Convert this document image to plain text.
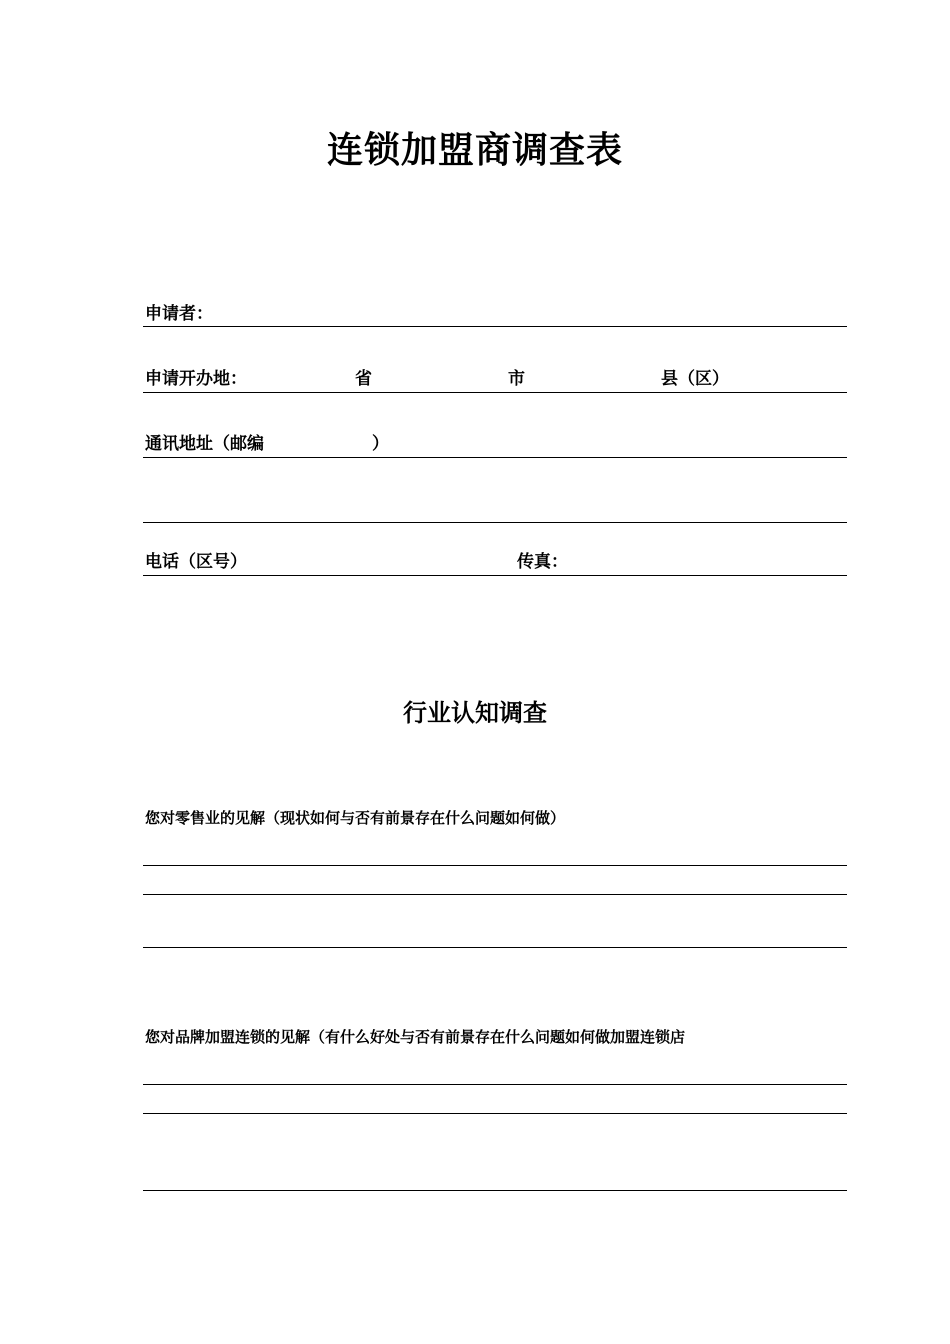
连锁加盟商调查表
申请者：
申请开办地：	省	市	县（区）
通讯地址（邮编	）
电话（区号）	传真：
行业认知调查
您对零售业的见解（现状如何与否有前景存在什么问题如何做）
您对品牌加盟连锁的见解（有什么好处与否有前景存在什么问题如何做加盟连锁店
